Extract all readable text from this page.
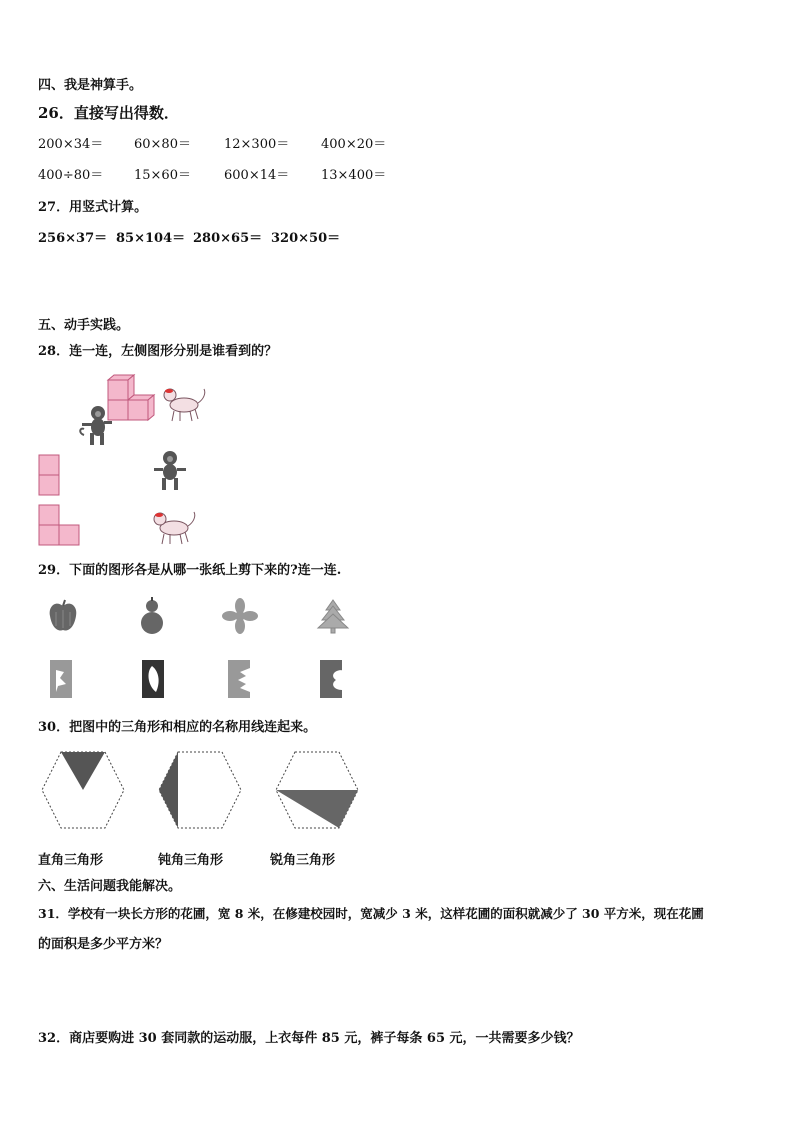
四、我是神算手。
26．直接写出得数．
200×34＝ 60×80＝	12×300＝ 400×20＝
400÷80＝ 15×60＝	600×14＝ 13×400＝
27．用竖式计算。
256×37＝ 85×104＝ 280×65＝ 320×50＝
五、动手实践。
28．连一连，左侧图形分别是谁看到的？
29．下面的图形各是从哪一张纸上剪下来的?连一连.
30．把图中的三角形和相应的名称用线连起来。
直角三角形	钝角三角形	锐角三角形
六、生活问题我能解决。
31．学校有一块长方形的花圃，宽 8 米，在修建校园时，宽减少 3 米，这样花圃的面积就减少了 30 平方米，现在花圃
的面积是多少平方米？
32．商店要购进 30 套同款的运动服，上衣每件 85 元，裤子每条 65 元，一共需要多少钱？
